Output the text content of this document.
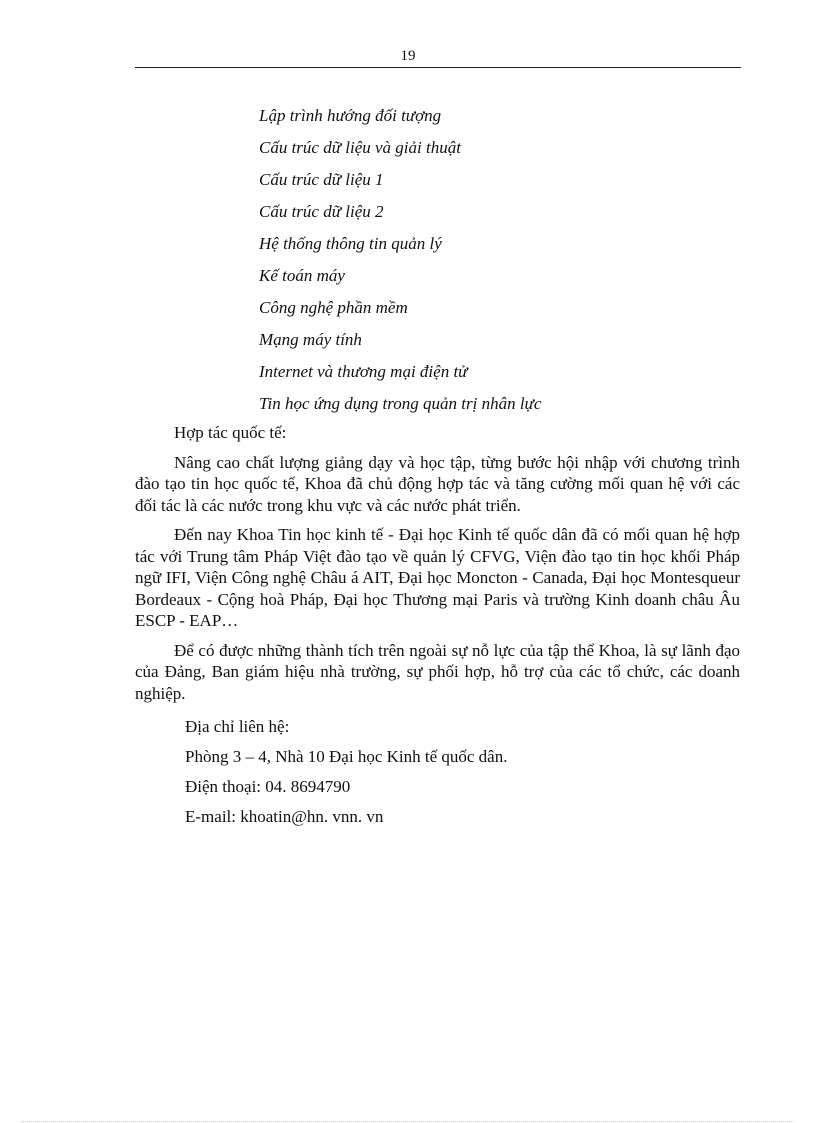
19
Lập trình hướng đối tượng
Cấu trúc dữ liệu và giải thuật
Cấu trúc dữ liệu 1
Cấu trúc dữ liệu 2
Hệ thống thông tin quản lý
Kế toán máy
Công nghệ phần mềm
Mạng máy tính
Internet và thương mại điện tử
Tin học ứng dụng trong quản trị nhân lực

Hợp tác quốc tế:

Nâng cao chất lượng giảng dạy và học tập, từng bước hội nhập với chương trình đào tạo tin học quốc tế, Khoa đã chủ động hợp tác và tăng cường mối quan hệ với các đối tác là các nước trong khu vực và các nước phát triển.

Đến nay Khoa Tin học kinh tế - Đại học Kinh tế quốc dân đã có mối quan hệ hợp tác với Trung tâm Pháp Việt đào tạo về quản lý CFVG, Viện đào tạo tin học khối Pháp ngữ IFI, Viện Công nghệ Châu á AIT, Đại học Moncton - Canada, Đại học Montesqueur Bordeaux - Cộng hoà Pháp, Đại học Thương mại Paris và trường Kinh doanh châu Âu ESCP - EAP…

Để có được những thành tích trên ngoài sự nỗ lực của tập thể Khoa, là sự lãnh đạo của Đảng, Ban giám hiệu nhà trường, sự phối hợp, hỗ trợ của các tổ chức, các doanh nghiệp.

Địa chỉ liên hệ:
Phòng 3 – 4, Nhà 10 Đại học Kinh tế quốc dân.
Điện thoại: 04. 8694790
E-mail: khoatin@hn. vnn. vn
